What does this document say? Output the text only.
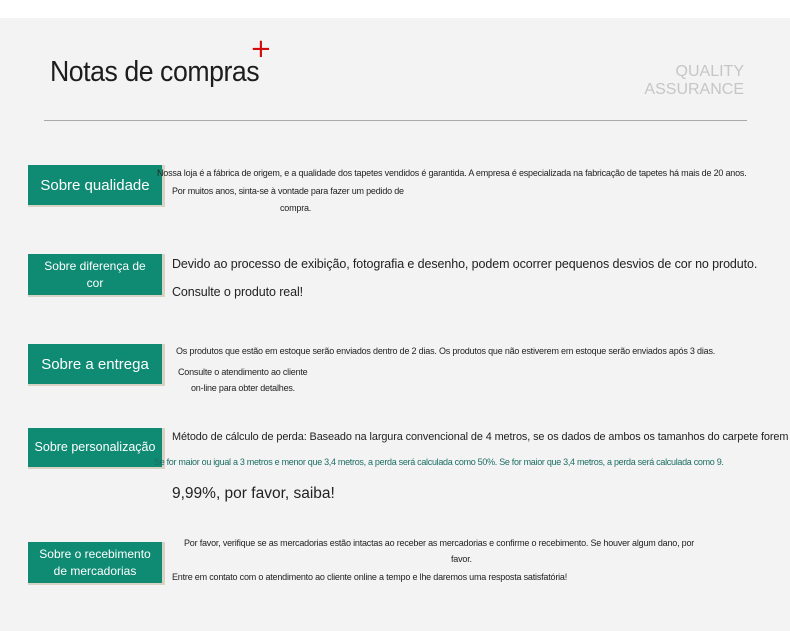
Notas de compras
+
QUALITY
ASSURANCE
Sobre qualidade
Nossa loja é a fábrica de origem, e a qualidade dos tapetes vendidos é garantida. A empresa é especializada na fabricação de tapetes há mais de 20 anos.
Por muitos anos, sinta-se à vontade para fazer um pedido de
compra.
Sobre diferença de
cor
Devido ao processo de exibição, fotografia e desenho, podem ocorrer pequenos desvios de cor no produto.
Consulte o produto real!
Sobre a entrega
Os produtos que estão em estoque serão enviados dentro de 2 dias. Os produtos que não estiverem em estoque serão enviados após 3 dias.
Consulte o atendimento ao cliente
on-line para obter detalhes.
Sobre personalização
Método de cálculo de perda: Baseado na largura convencional de 4 metros, se os dados de ambos os tamanhos do carpete forem
Se for maior ou igual a 3 metros e menor que 3,4 metros, a perda será calculada como 50%. Se for maior que 3,4 metros, a perda será calculada como 9.
9,99%, por favor, saiba!
Sobre o recebimento
de mercadorias
Por favor, verifique se as mercadorias estão intactas ao receber as mercadorias e confirme o recebimento. Se houver algum dano, por
favor.
Entre em contato com o atendimento ao cliente online a tempo e lhe daremos uma resposta satisfatória!
